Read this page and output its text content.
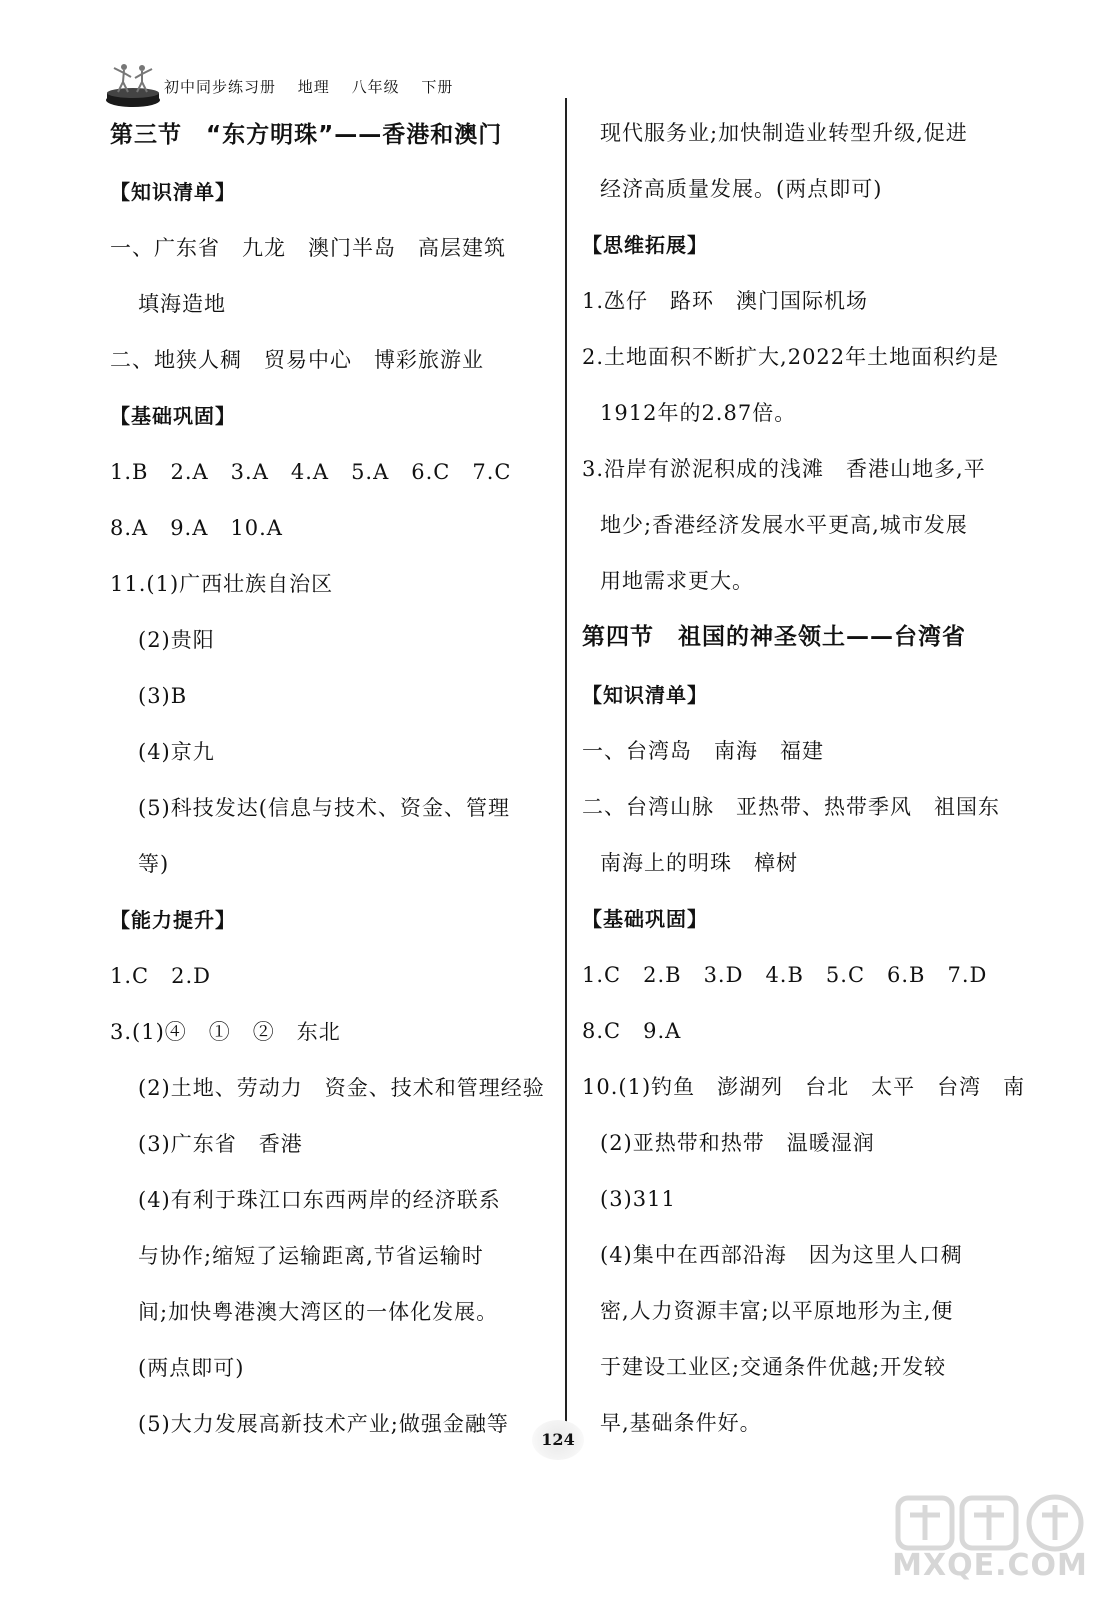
初中同步练习册 地理 八年级 下册
第三节　“东方明珠”——香港和澳门
【知识清单】
一、广东省　九龙　澳门半岛　高层建筑
填海造地
二、地狭人稠　贸易中心　博彩旅游业
【基础巩固】
1.B　2.A　3.A　4.A　5.A　6.C　7.C
8.A　9.A　10.A
11.(1)广西壮族自治区
(2)贵阳
(3)B
(4)京九
(5)科技发达(信息与技术、资金、管理
等)
【能力提升】
1.C　2.D
3.(1)④　①　②　东北
(2)土地、劳动力　资金、技术和管理经验
(3)广东省　香港
(4)有利于珠江口东西两岸的经济联系
与协作;缩短了运输距离,节省运输时
间;加快粤港澳大湾区的一体化发展。
(两点即可)
(5)大力发展高新技术产业;做强金融等
现代服务业;加快制造业转型升级,促进
经济高质量发展。(两点即可)
【思维拓展】
1.氹仔　路环　澳门国际机场
2.土地面积不断扩大,2022年土地面积约是
1912年的2.87倍。
3.沿岸有淤泥积成的浅滩　香港山地多,平
地少;香港经济发展水平更高,城市发展
用地需求更大。
第四节　祖国的神圣领土——台湾省
【知识清单】
一、台湾岛　南海　福建
二、台湾山脉　亚热带、热带季风　祖国东
南海上的明珠　樟树
【基础巩固】
1.C　2.B　3.D　4.B　5.C　6.B　7.D
8.C　9.A
10.(1)钓鱼　澎湖列　台北　太平　台湾　南
(2)亚热带和热带　温暖湿润
(3)311
(4)集中在西部沿海　因为这里人口稠
密,人力资源丰富;以平原地形为主,便
于建设工业区;交通条件优越;开发较
早,基础条件好。
124
MXQE.COM
